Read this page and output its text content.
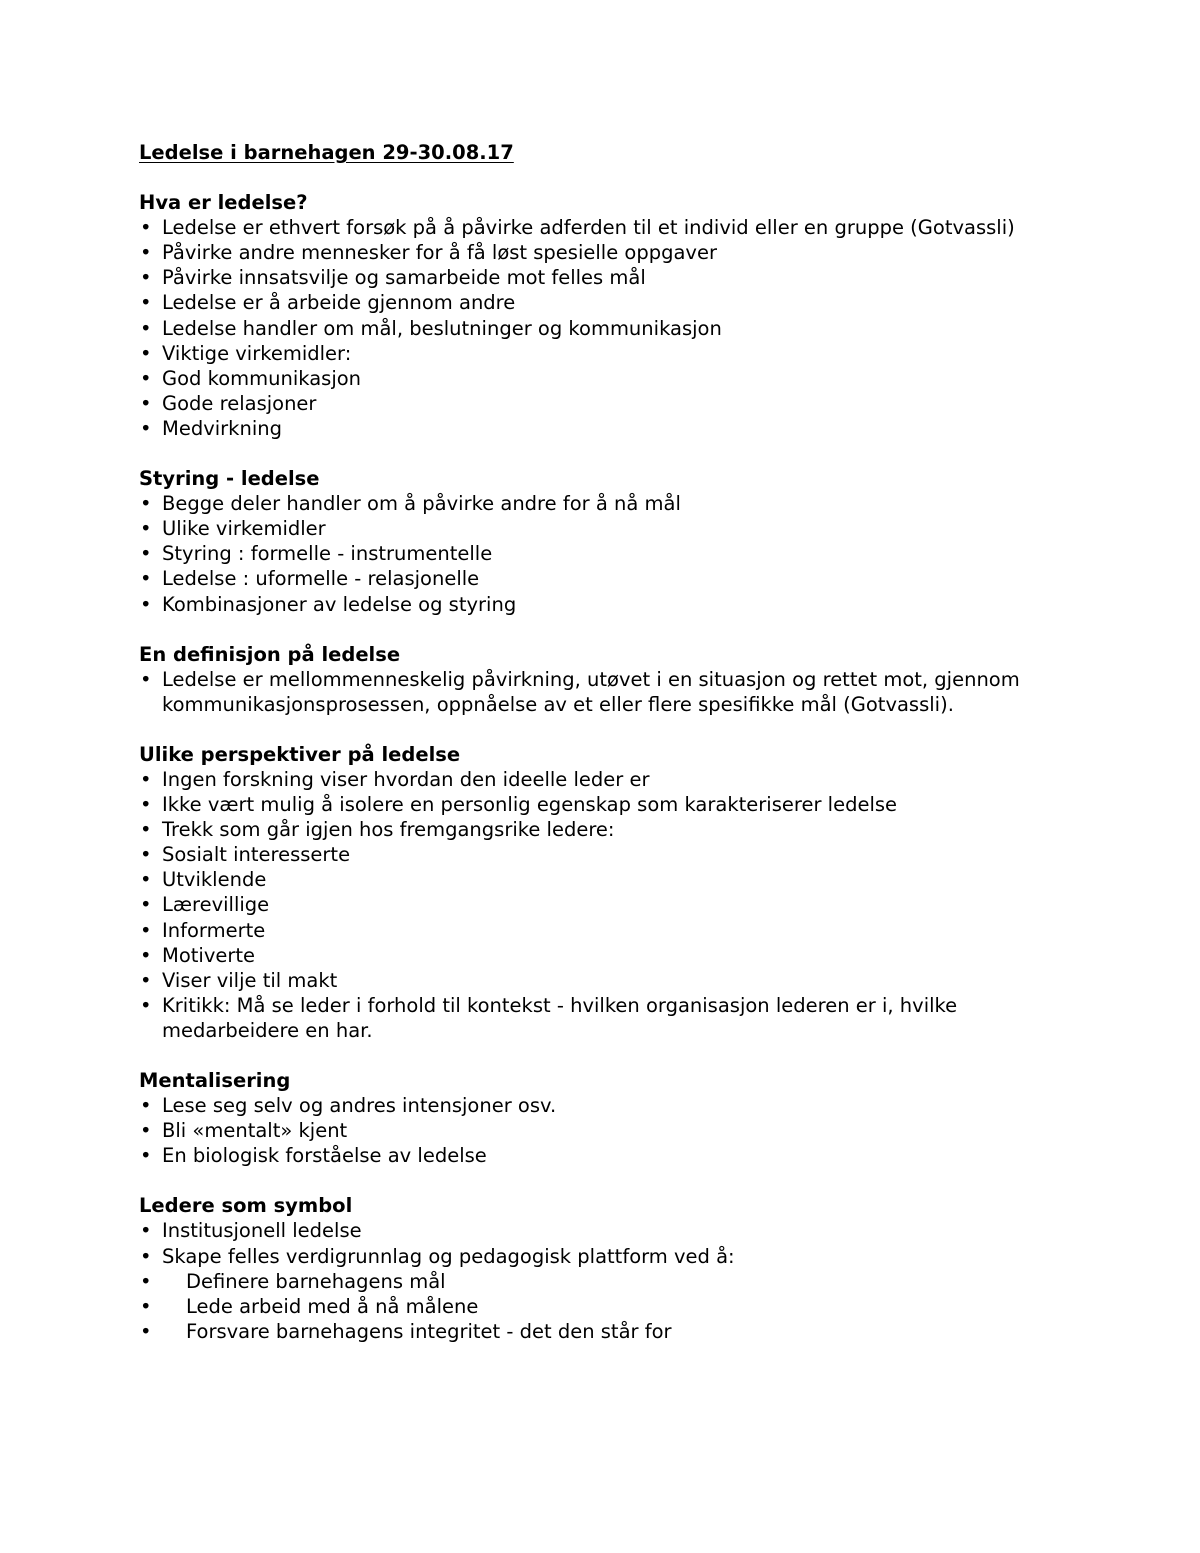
Ledelse i barnehagen 29-30.08.17

Hva er ledelse?

• Ledelse er ethvert forsøk på å påvirke adferden til et individ eller en gruppe (Gotvassli)
• Påvirke andre mennesker for å få løst spesielle oppgaver
• Påvirke innsatsvilje og samarbeide mot felles mål
• Ledelse er å arbeide gjennom andre
• Ledelse handler om mål, beslutninger og kommunikasjon
• Viktige virkemidler:
• God kommunikasjon
• Gode relasjoner
• Medvirkning

Styring - ledelse

• Begge deler handler om å påvirke andre for å nå mål
• Ulike virkemidler
• Styring : formelle - instrumentelle
• Ledelse : uformelle - relasjonelle
• Kombinasjoner av ledelse og styring

En definisjon på ledelse

• Ledelse er mellommenneskelig påvirkning, utøvet i en situasjon og rettet mot, gjennom kommunikasjonsprosessen, oppnåelse av et eller flere spesifikke mål (Gotvassli).

Ulike perspektiver på ledelse

• Ingen forskning viser hvordan den ideelle leder er
• Ikke vært mulig å isolere en personlig egenskap som karakteriserer ledelse
• Trekk som går igjen hos fremgangsrike ledere:
• Sosialt interesserte
• Utviklende
• Lærevillige
• Informerte
• Motiverte
• Viser vilje til makt
• Kritikk: Må se leder i forhold til kontekst - hvilken organisasjon lederen er i, hvilke medarbeidere en har.

Mentalisering

• Lese seg selv og andres intensjoner osv.
• Bli «mentalt» kjent
• En biologisk forståelse av ledelse

Ledere som symbol

• Institusjonell ledelse
• Skape felles verdigrunnlag og pedagogisk plattform ved å:
• Definere barnehagens mål
• Lede arbeid med å nå målene
• Forsvare barnehagens integritet - det den står for
